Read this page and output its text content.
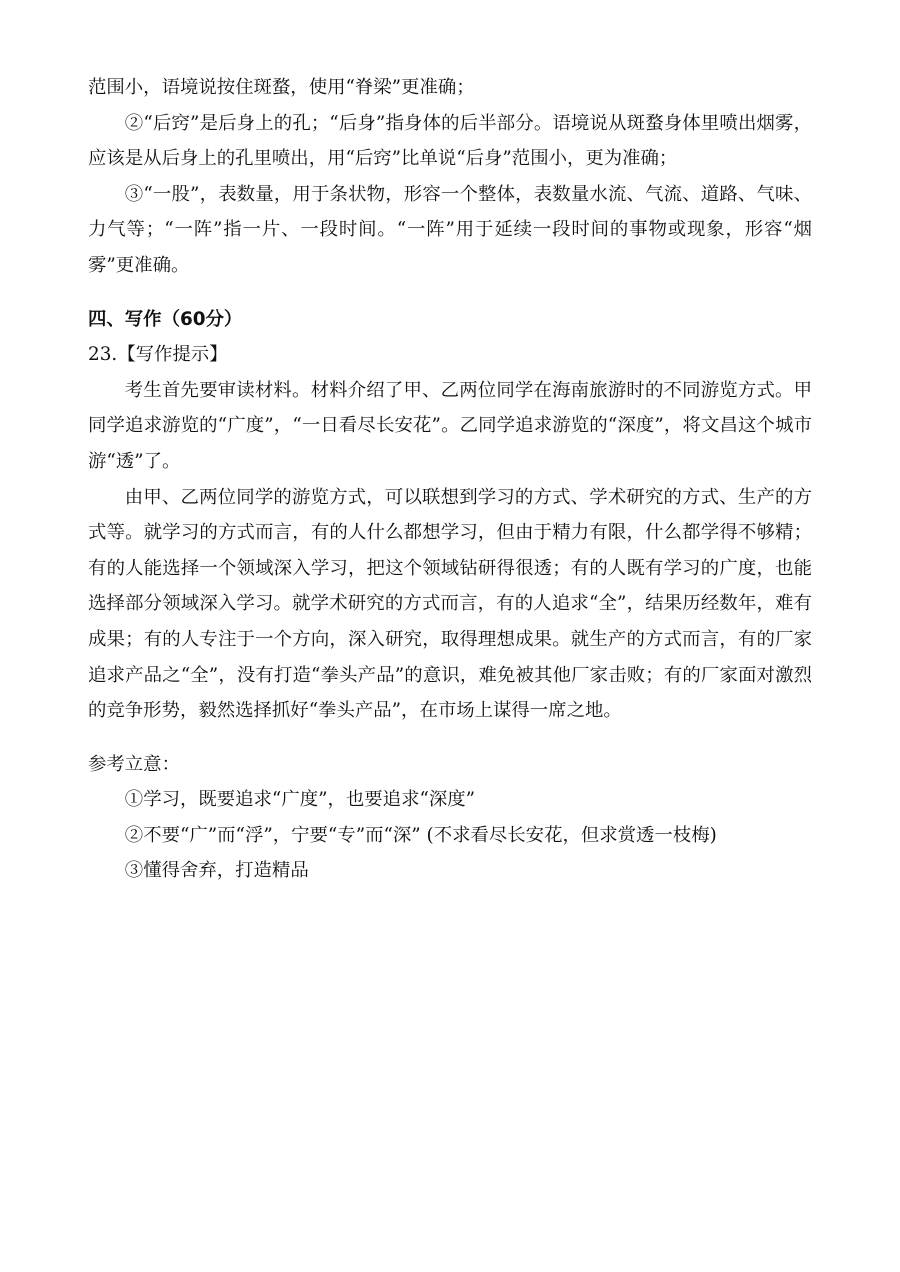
范围小，语境说按住斑蝥，使用“脊梁”更准确；

②“后窍”是后身上的孔；“后身”指身体的后半部分。语境说从斑蝥身体里喷出烟雾，应该是从后身上的孔里喷出，用“后窍”比单说“后身”范围小，更为准确；

③“一股”，表数量，用于条状物，形容一个整体，表数量水流、气流、道路、气味、力气等；“一阵”指一片、一段时间。“一阵”用于延续一段时间的事物或现象，形容“烟雾”更准确。

四、写作（60分）

23.【写作提示】

考生首先要审读材料。材料介绍了甲、乙两位同学在海南旅游时的不同游览方式。甲同学追求游览的“广度”，“一日看尽长安花”。乙同学追求游览的“深度”，将文昌这个城市游“透”了。

由甲、乙两位同学的游览方式，可以联想到学习的方式、学术研究的方式、生产的方式等。就学习的方式而言，有的人什么都想学习，但由于精力有限，什么都学得不够精；有的人能选择一个领域深入学习，把这个领域钻研得很透；有的人既有学习的广度，也能选择部分领域深入学习。就学术研究的方式而言，有的人追求“全”，结果历经数年，难有成果；有的人专注于一个方向，深入研究，取得理想成果。就生产的方式而言，有的厂家追求产品之“全”，没有打造“拳头产品”的意识，难免被其他厂家击败；有的厂家面对激烈的竞争形势，毅然选择抓好“拳头产品”，在市场上谋得一席之地。

参考立意：

①学习，既要追求“广度”，也要追求“深度”

②不要“广”而“浮”，宁要“专”而“深” (不求看尽长安花，但求赏透一枝梅)

③懂得舍弃，打造精品
